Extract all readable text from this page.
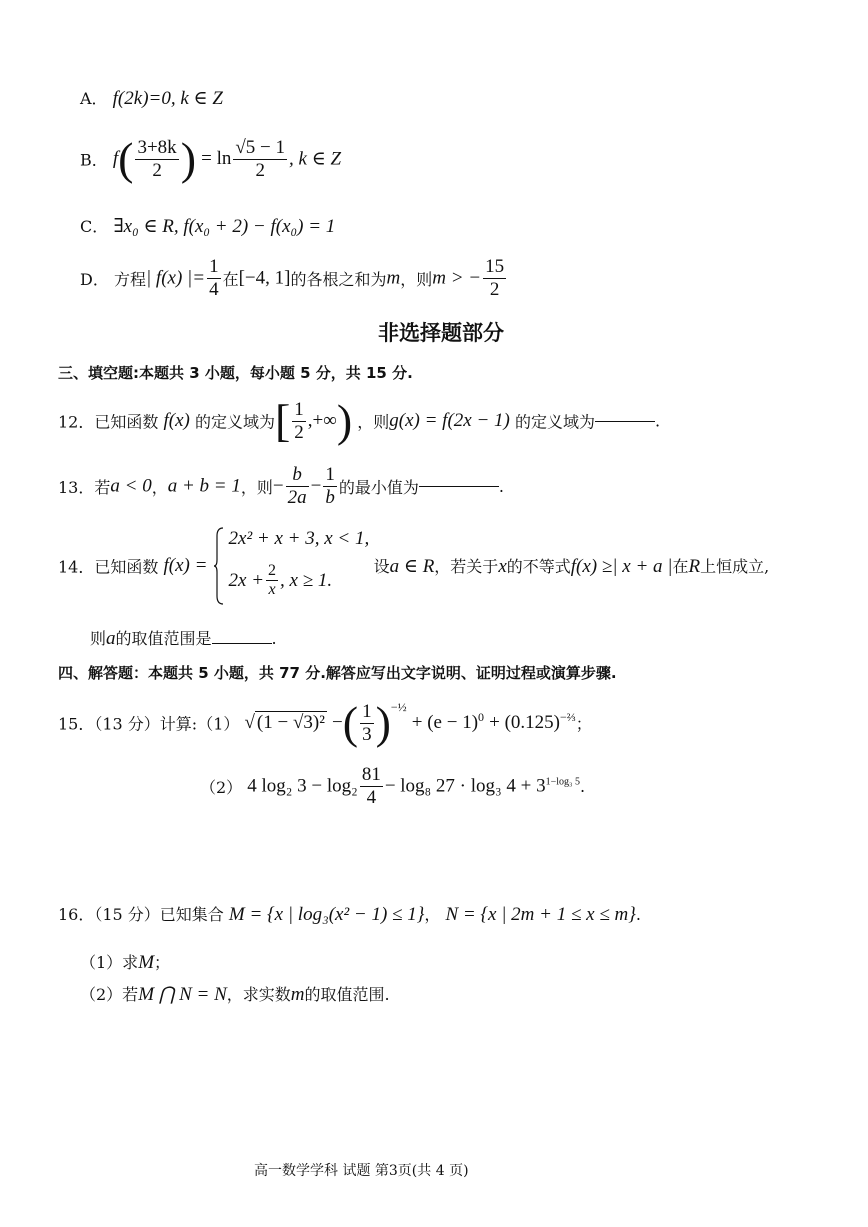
A． f(2k)=0, k ∈ Z
B． $f( \frac{3+8k}{2}$ ) = $\ln \frac{√5 - 1}{2}$ , k ∈ Z
C． ∃x₀ ∈ R, f(x₀ + 2) − f(x₀) = 1
D． 方程| f(x) |= $\frac{1}{4}$ 在[−4, 1]的各根之和为m，则m > − $\frac{15}{2}$
非选择题部分
三、填空题:本题共 3 小题，每小题 5 分，共 15 分.
12．已知函数 f(x) 的定义域为[ $\frac{1}{2}$ ,+∞) ，则g(x) = f(2x − 1) 的定义域为	.
13．若a < 0，a + b = 1，则− $\frac{b}{2a} - \frac{1}{b}$ 的最小值为	.
14．已知函数 f(x) =
2x² + x + 3, x < 1,
$2x + \frac{2}{x}$ , x ≥ 1.
设a ∈ R，若关于x的不等式f(x) ≥| x + a |在R上恒成立,
则a的取值范围是	.
四、解答题：本题共 5 小题，共 77 分.解答应写出文字说明、证明过程或演算步骤.
15．（13 分）计算:（1） √ (1 − √3)² −( $\frac{1}{3} )^{-\frac{1}{2}} + (e - 1)^0 + (0.125)^{-\frac{2}{3}}$；
（2） 4 log₂ $3 - \log_2 \frac{81}{4} - \log_8$ 27 · log₃ $4 + 3^{1-log_3 5}$.
16．（15 分）已知集合 M = {x | log₃(x² − 1) ≤ 1}， N = {x | 2m + 1 ≤ x ≤ m}.
（1）求M；
（2）若M ⋂ N = N，求实数m的取值范围.
高一数学学科 试题 第3页(共 4 页)
